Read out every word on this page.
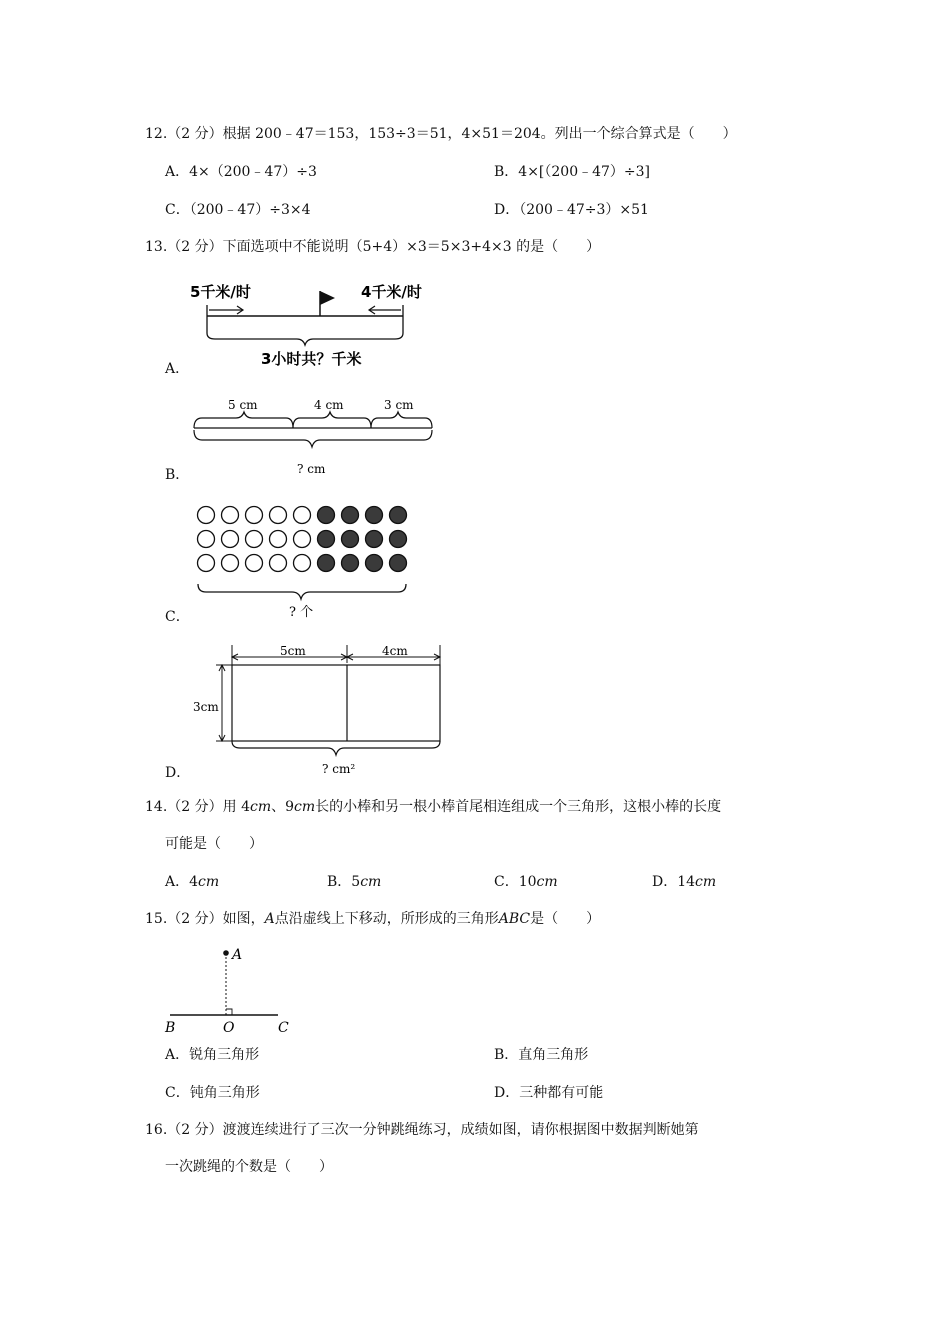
12.（2 分）根据 200﹣47＝153，153÷3＝51，4×51＝204。列出一个综合算式是（　　）
A．4×（200﹣47）÷3	B．4×[（200﹣47）÷3]
C．（200﹣47）÷3×4	D．（200﹣47÷3）×51
13.（2 分）下面选项中不能说明（5+4）×3＝5×3+4×3 的是（　　）
5千米/时	4千米/时
3小时共？千米
A．
5 cm	4 cm	3 cm
? cm
B．
? 个
C．
5cm	4cm
3cm
? cm²
D．
14.（2 分）用 4cm、9cm长的小棒和另一根小棒首尾相连组成一个三角形，这根小棒的长度
可能是（　　）
A．4cm	B．5cm	C．10cm	D．14cm
15.（2 分）如图，A点沿虚线上下移动，所形成的三角形ABC是（　　）
A
B	O	C
A．锐角三角形	B．直角三角形
C．钝角三角形	D．三种都有可能
16.（2 分）渡渡连续进行了三次一分钟跳绳练习，成绩如图，请你根据图中数据判断她第
一次跳绳的个数是（　　）
